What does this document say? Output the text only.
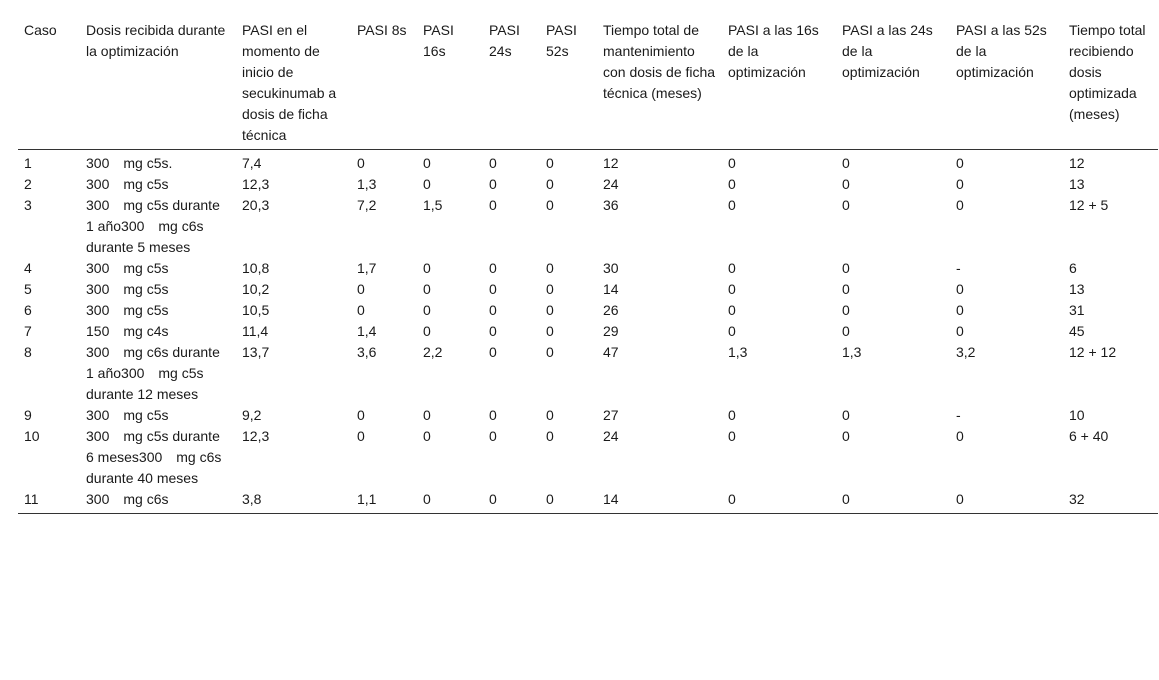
Caso	Dosis recibida durante la optimización	PASI en el momento de inicio de secukinumab a dosis de ficha técnica	PASI 8s	PASI 16s	PASI 24s	PASI 52s	Tiempo total de mantenimiento con dosis de ficha técnica (meses)	PASI a las 16s de la optimización	PASI a las 24s de la optimización	PASI a las 52s de la optimización	Tiempo total recibiendo dosis optimizada (meses)
1	300 mg c5s.	7,4	0	0	0	0	12	0	0	0	12
2	300 mg c5s	12,3	1,3	0	0	0	24	0	0	0	13
3	300 mg c5s durante 1 año300 mg c6s durante 5 meses	20,3	7,2	1,5	0	0	36	0	0	0	12 + 5
4	300 mg c5s	10,8	1,7	0	0	0	30	0	0	-	6
5	300 mg c5s	10,2	0	0	0	0	14	0	0	0	13
6	300 mg c5s	10,5	0	0	0	0	26	0	0	0	31
7	150 mg c4s	11,4	1,4	0	0	0	29	0	0	0	45
8	300 mg c6s durante 1 año300 mg c5s durante 12 meses	13,7	3,6	2,2	0	0	47	1,3	1,3	3,2	12 + 12
9	300 mg c5s	9,2	0	0	0	0	27	0	0	-	10
10	300 mg c5s durante 6 meses300 mg c6s durante 40 meses	12,3	0	0	0	0	24	0	0	0	6 + 40
11	300 mg c6s	3,8	1,1	0	0	0	14	0	0	0	32
